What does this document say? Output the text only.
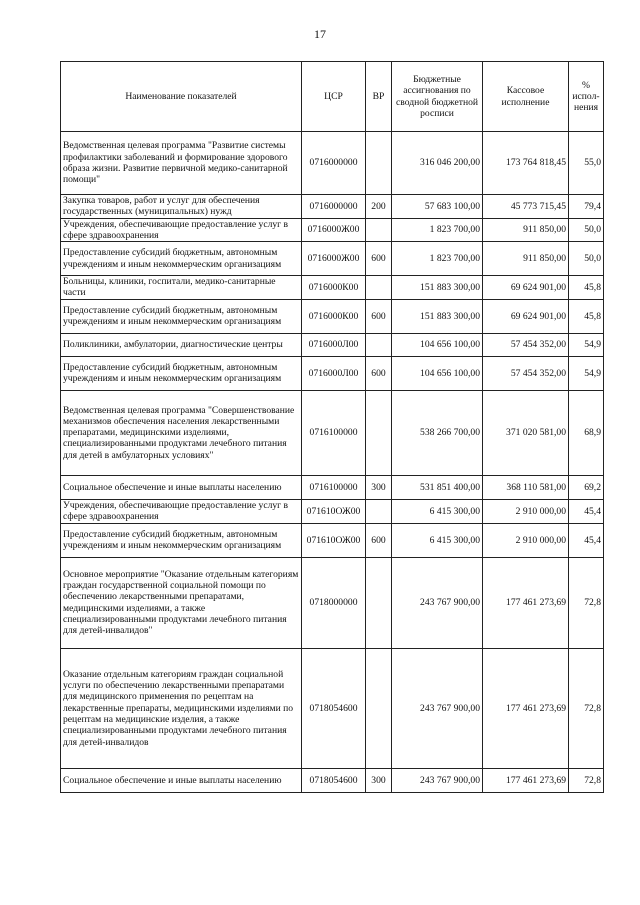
17
Наименование показателей	ЦСР	ВР	Бюджетные ассигнования по сводной бюджетной росписи	Кассовое исполнение	% испол-нения
Ведомственная целевая программа "Развитие системы профилактики заболеваний и формирование здорового образа жизни. Развитие первичной медико-санитарной помощи"	0716000000		316 046 200,00	173 764 818,45	55,0
Закупка товаров, работ и услуг для обеспечения государственных (муниципальных) нужд	0716000000	200	57 683 100,00	45 773 715,45	79,4
Учреждения, обеспечивающие предоставление услуг в сфере здравоохранения	0716000Ж00		1 823 700,00	911 850,00	50,0
Предоставление субсидий бюджетным, автономным учреждениям и иным некоммерческим организациям	0716000Ж00	600	1 823 700,00	911 850,00	50,0
Больницы, клиники, госпитали, медико-санитарные части	0716000К00		151 883 300,00	69 624 901,00	45,8
Предоставление субсидий бюджетным, автономным учреждениям и иным некоммерческим организациям	0716000К00	600	151 883 300,00	69 624 901,00	45,8
Поликлиники, амбулатории, диагностические центры	0716000Л00		104 656 100,00	57 454 352,00	54,9
Предоставление субсидий бюджетным, автономным учреждениям и иным некоммерческим организациям	0716000Л00	600	104 656 100,00	57 454 352,00	54,9
Ведомственная целевая программа "Совершенствование механизмов обеспечения населения лекарственными препаратами, медицинскими изделиями, специализированными продуктами лечебного питания для детей в амбулаторных условиях"	0716100000		538 266 700,00	371 020 581,00	68,9
Социальное обеспечение и иные выплаты населению	0716100000	300	531 851 400,00	368 110 581,00	69,2
Учреждения, обеспечивающие предоставление услуг в сфере здравоохранения	071610ОЖ00		6 415 300,00	2 910 000,00	45,4
Предоставление субсидий бюджетным, автономным учреждениям и иным некоммерческим организациям	071610ОЖ00	600	6 415 300,00	2 910 000,00	45,4
Основное мероприятие "Оказание отдельным категориям граждан государственной социальной помощи по обеспечению лекарственными препаратами, медицинскими изделиями, а также специализированными продуктами лечебного питания для детей-инвалидов"	0718000000		243 767 900,00	177 461 273,69	72,8
Оказание отдельным категориям граждан социальной услуги по обеспечению лекарственными препаратами для медицинского применения по рецептам на лекарственные препараты, медицинскими изделиями по рецептам на медицинские изделия, а также специализированными продуктами лечебного питания для детей-инвалидов	0718054600		243 767 900,00	177 461 273,69	72,8
Социальное обеспечение и иные выплаты населению	0718054600	300	243 767 900,00	177 461 273,69	72,8
